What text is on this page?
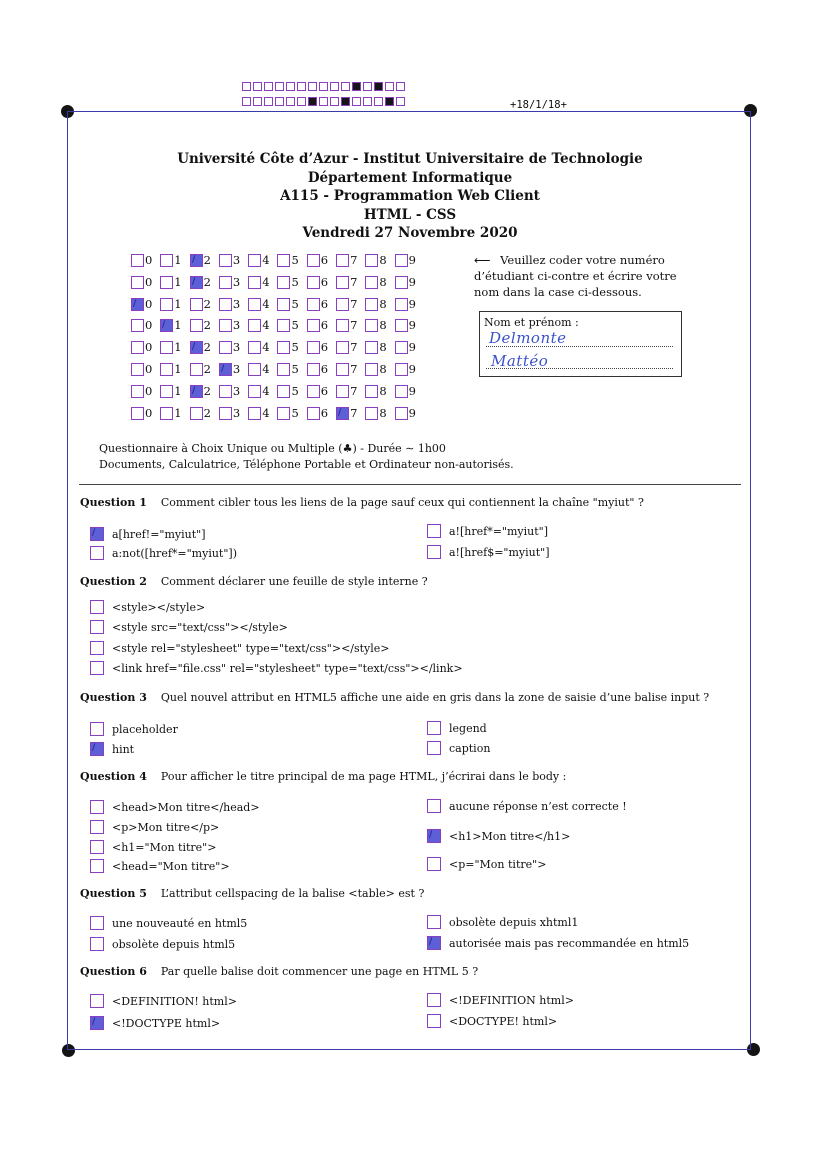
+18/1/18+
Université Côte d’Azur - Institut Universitaire de Technologie
Département Informatique
A115 - Programmation Web Client
HTML - CSS
Vendredi 27 Novembre 2020
0 1 2 3 4 5 6 7 8 9
0 1 2 3 4 5 6 7 8 9
0 1 2 3 4 5 6 7 8 9
0 1 2 3 4 5 6 7 8 9
0 1 2 3 4 5 6 7 8 9
0 1 2 3 4 5 6 7 8 9
0 1 2 3 4 5 6 7 8 9
0 1 2 3 4 5 6 7 8 9
⟵ Veuillez coder votre numéro d’étudiant ci-contre et écrire votre nom dans la case ci-dessous.
Nom et prénom :
Delmonte
Mattéo
Questionnaire à Choix Unique ou Multiple (♣) - Durée ∼ 1h00
Documents, Calculatrice, Téléphone Portable et Ordinateur non-autorisés.
Question 1 Comment cibler tous les liens de la page sauf ceux qui contiennent la chaîne "myiut" ?
a[href!="myiut"]
a:not([href*="myiut"])
a![href*="myiut"]
a![href$="myiut"]
Question 2 Comment déclarer une feuille de style interne ?
<style></style>
<style src="text/css"></style>
<style rel="stylesheet" type="text/css"></style>
<link href="file.css" rel="stylesheet" type="text/css"></link>
Question 3 Quel nouvel attribut en HTML5 affiche une aide en gris dans la zone de saisie d’une balise input ?
placeholder
hint
legend
caption
Question 4 Pour afficher le titre principal de ma page HTML, j’écrirai dans le body :
<head>Mon titre</head>
<p>Mon titre</p>
<h1="Mon titre">
<head="Mon titre">
aucune réponse n’est correcte !
<h1>Mon titre</h1>
<p="Mon titre">
Question 5 L’attribut cellspacing de la balise <table> est ?
une nouveauté en html5
obsolète depuis html5
obsolète depuis xhtml1
autorisée mais pas recommandée en html5
Question 6 Par quelle balise doit commencer une page en HTML 5 ?
<DEFINITION! html>
<!DOCTYPE html>
<!DEFINITION html>
<DOCTYPE! html>
